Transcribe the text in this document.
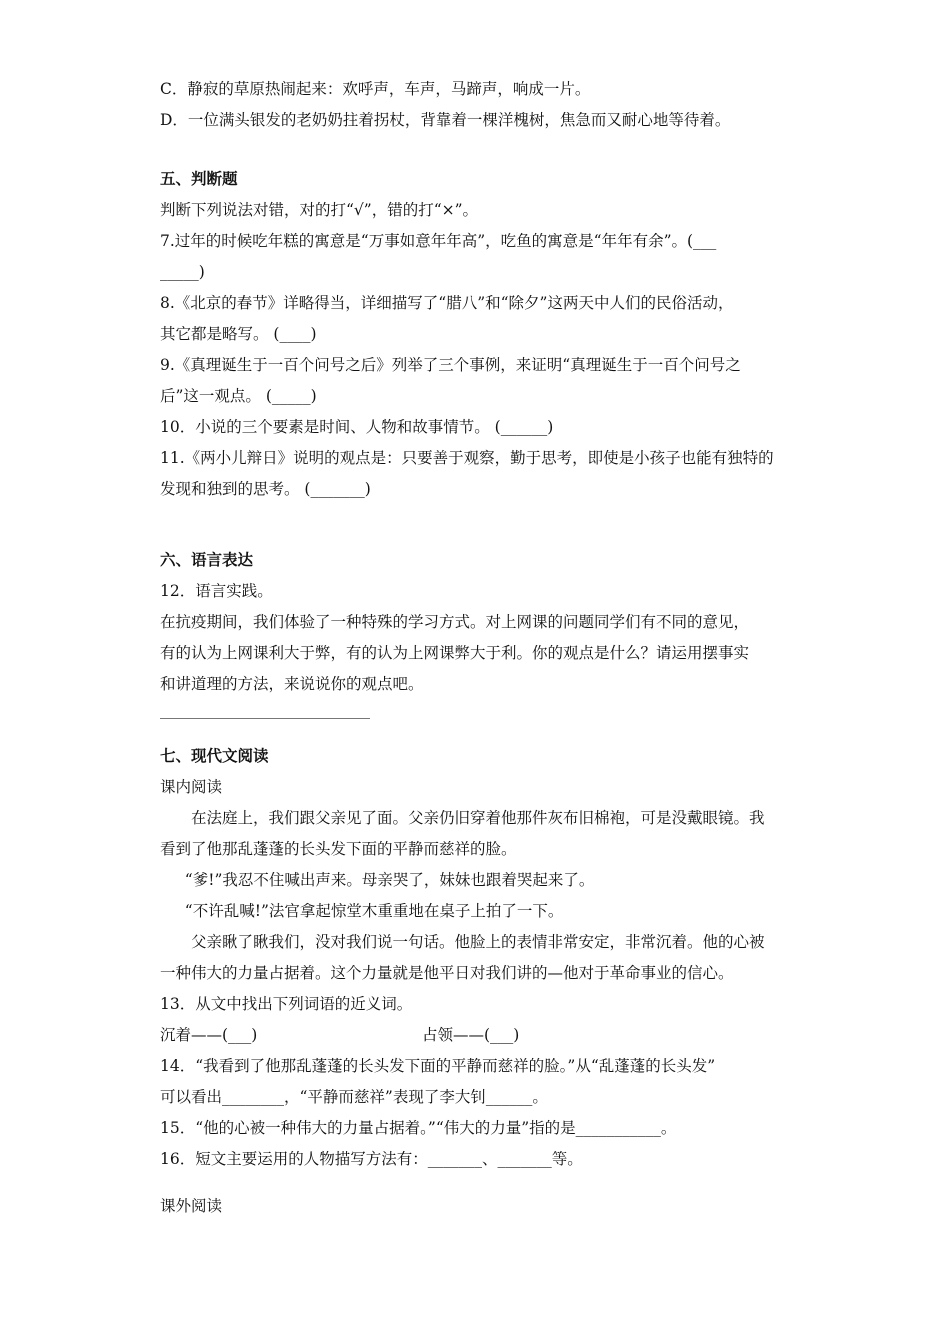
C．静寂的草原热闹起来：欢呼声，车声，马蹄声，响成一片。
D．一位满头银发的老奶奶拄着拐杖，背靠着一棵洋槐树，焦急而又耐心地等待着。
五、判断题
判断下列说法对错，对的打“√”，错的打“×”。
7.过年的时候吃年糕的寓意是“万事如意年年高”，吃鱼的寓意是“年年有余”。(___
_____)
8.《北京的春节》详略得当，详细描写了“腊八”和“除夕”这两天中人们的民俗活动，
其它都是略写。 (____)
9.《真理诞生于一百个问号之后》列举了三个事例，来证明“真理诞生于一百个问号之
后”这一观点。 (_____)
10．小说的三个要素是时间、人物和故事情节。 (______)
11.《两小儿辩日》说明的观点是：只要善于观察，勤于思考，即使是小孩子也能有独特的
发现和独到的思考。 (_______)
六、语言表达
12．语言实践。
在抗疫期间，我们体验了一种特殊的学习方式。对上网课的问题同学们有不同的意见，
有的认为上网课利大于弊，有的认为上网课弊大于利。你的观点是什么？请运用摆事实
和讲道理的方法，来说说你的观点吧。
七、现代文阅读
课内阅读
在法庭上，我们跟父亲见了面。父亲仍旧穿着他那件灰布旧棉袍，可是没戴眼镜。我
看到了他那乱蓬蓬的长头发下面的平静而慈祥的脸。
“爹!”我忍不住喊出声来。母亲哭了，妹妹也跟着哭起来了。
“不许乱喊!”法官拿起惊堂木重重地在桌子上拍了一下。
父亲瞅了瞅我们，没对我们说一句话。他脸上的表情非常安定，非常沉着。他的心被
一种伟大的力量占据着。这个力量就是他平日对我们讲的—他对于革命事业的信心。
13．从文中找出下列词语的近义词。
沉着——(___)	占领——(___)
14．“我看到了他那乱蓬蓬的长头发下面的平静而慈祥的脸。”从“乱蓬蓬的长头发”
可以看出________，“平静而慈祥”表现了李大钊______。
15．“他的心被一种伟大的力量占据着。”“伟大的力量”指的是___________。
16．短文主要运用的人物描写方法有：_______、_______等。
课外阅读
